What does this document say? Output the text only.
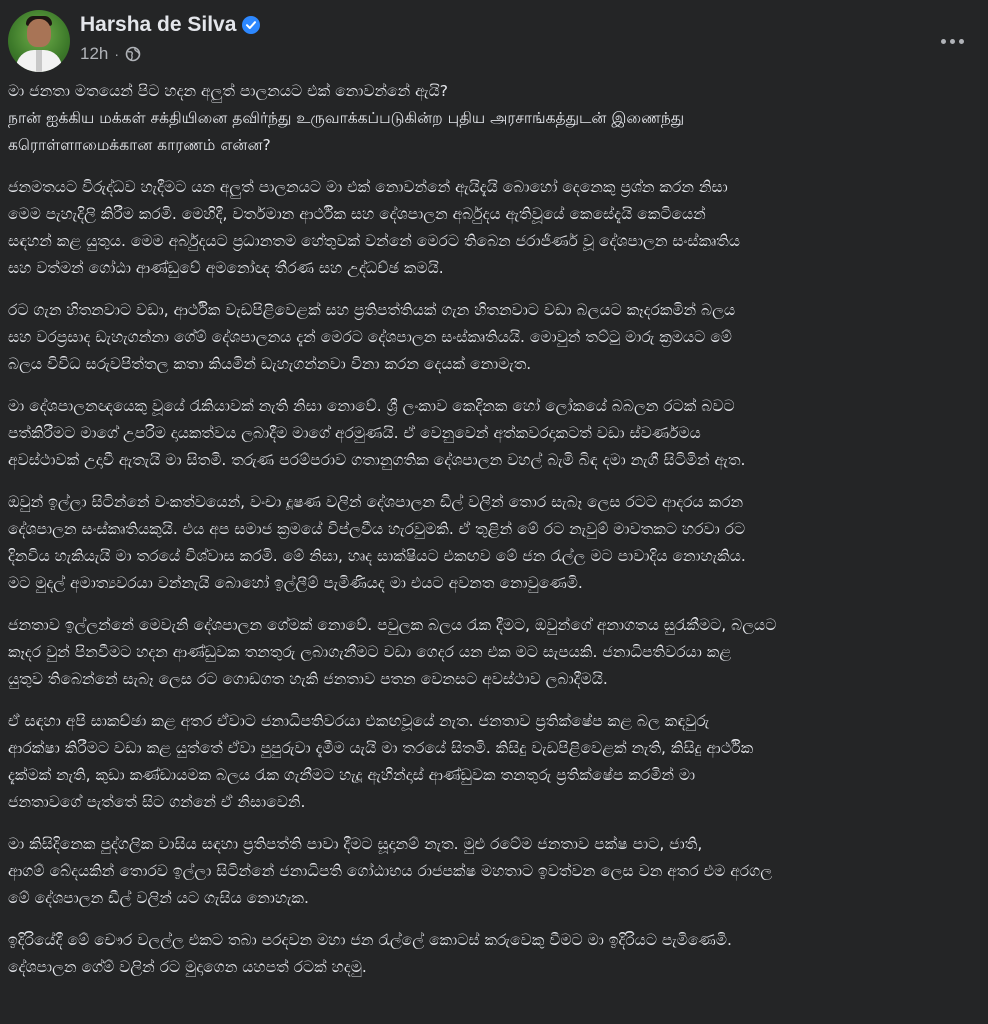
Harsha de Silva
12h ·
මා ජනතා මතයෙන් පිට හදන අලුත් පාලනයට එක් නොවන්නේ ඇයි?
நான் ஐக்கிய மக்கள் சக்தியினை தவிர்ந்து உருவாக்கப்படுகின்ற புதிய அரசாங்கத்துடன் இணைந்து
கரொள்ளாமைக்கான காரணம் என்ன?
ජනමතයට විරුද්ධව හැදීමට යන අලුත් පාලනයට මා එක් නොවන්නේ ඇයිදැයි බොහෝ දෙනෙකු ප්‍රශ්න කරන නිසා
මෙම පැහැදිලි කිරීම කරමි. මෙහිදී, වර්තමාන ආර්ථික සහ දේශපාලන අර්බුදය ඇතිවූයේ කෙසේදැයි කෙටියෙන්
සඳහන් කළ යුතුය. මෙම අර්බුදයට ප්‍රධානතම හේතුවක් වන්නේ මෙරට තිබෙන ජරාජීර්ණ වූ දේශපාලන සංස්කෘතිය
සහ වත්මන් ගෝඨා ආණ්ඩුවේ අමනෝඥ තීරණ සහ උද්ධච්ඡ කමයි.
රට ගැන හිතනවාට වඩා, ආර්ථික වැඩපිළිවෙළක් සහ ප්‍රතිපත්තියක් ගැන හිතනවාට වඩා බලයට කෑදරකමින් බලය
සහ වරප්‍රසාද ඩැහැගන්නා ගේම් දේශපාලනය දැන් මෙරට දේශපාලන සංස්කෘතියයි. මොවුන් තට්ටු මාරු ක්‍රමයට මේ
බලය විවිධ සරුවපිත්තල කතා කියමින් ඩැහැගන්නවා විනා කරන දෙයක් නොමැත.
මා දේශපාලනඥයෙකු වූයේ රැකියාවක් නැති නිසා නොවේ. ශ්‍රී ලංකාව කෙදිනක හෝ ලෝකයේ බබලන රටක් බවට
පත්කිරීමට මාගේ උපරිම දායකත්වය ලබාදීම මාගේ අරමුණයි. ඒ වෙනුවෙන් අත්කවරදාකටත් වඩා ස්වර්ණමය
අවස්ථාවක් උදාවී ඇතැයි මා සිතමි. තරුණ පරම්පරාව ගතානුගතික දේශපාලන වහල් බැමි බිඳ දමා නැගී සිටිමින් ඇත.
ඔවුන් ඉල්ලා සිටින්නේ වංකත්වයෙන්, වංචා දූෂණ වලින් දේශපාලන ඩීල් වලින් තොර සැබෑ ලෙස රටට ආදරය කරන
දේශපාලන සංස්කෘතියකුයි. එය අප සමාජ ක්‍රමයේ විප්ලවීය හැරවුමකි. ඒ තුළින් මේ රට නැවුම් මාවතකට හරවා රට
දිනවිය හැකියැයි මා තරයේ විශ්වාස කරමි. මේ නිසා, හෘද සාක්ෂියට එකඟව මේ ජන රැල්ල මට පාවාදිය නොහැකිය.
මට මුදල් අමාත්‍යවරයා වන්නැයි බොහෝ ඉල්ලීම් පැමිණියද මා එයට අවනත නොවුණෙමි.
ජනතාව ඉල්ලන්නේ මෙවැනි දේශපාලන ගේමක් නොවේ. පවුලක බලය රැක දීමට, ඔවුන්ගේ අනාගතය සුරැකීමට, බලයට
කෑදර වුන් පිනවීමට හදන ආණ්ඩුවක තනතුරු ලබාගැනීමට වඩා ගෙදර යන එක මට සැපයකි. ජනාධිපතිවරයා කළ
යුතුව තිබෙන්නේ සැබෑ ලෙස රට ගොඩගත හැකි ජනතාව පතන වෙනසට අවස්ථාව ලබාදීමයි.
ඒ සඳහා අපි සාකච්ඡා කළ අතර ඒවාට ජනාධිපතිවරයා එකඟවූයේ නැත. ජනතාව ප්‍රතික්ෂේප කළ බල කඳවුරු
ආරක්ෂා කිරීමට වඩා කළ යුත්තේ ඒවා පුපුරුවා දැමීම යැයි මා තරයේ සිතමි. කිසිදු වැඩපිළිවෙළක් නැති, කිසිදු ආර්ථික
දැක්මක් නැති, කුඩා කණ්ඩායමක බලය රැක ගැනීමට හැදූ ඇහින්දාස් ආණ්ඩුවක තනතුරු ප්‍රතික්ෂේප කරමින් මා
ජනතාවගේ පැත්තේ සිට ගන්නේ ඒ නිසාවෙනි.
මා කිසිදිනෙක පුද්ගලික වාසිය සඳහා ප්‍රතිපත්ති පාවා දීමට සූදානම් නැත. මුළු රටේම ජනතාව පක්ෂ පාට, ජාති,
ආගම් බේදයකින් තොරව ඉල්ලා සිටින්නේ ජනාධිපති ගෝඨාභය රාජපක්ෂ මහතාට ඉවත්වන ලෙස වන අතර එම අරගල
මේ දේශපාලන ඩීල් වලින් යට ගැසිය නොහැක.
ඉදිරියේදී මේ චෞර වලල්ල එකට තබා පරදවන මහා ජන රැල්ලේ කොටස් කරුවෙකු වීමට මා ඉදිරියට පැමිණෙමි.
දේශපාලන ගේම් වලින් රට මුදාගෙන යහපත් රටක් හදමු.
